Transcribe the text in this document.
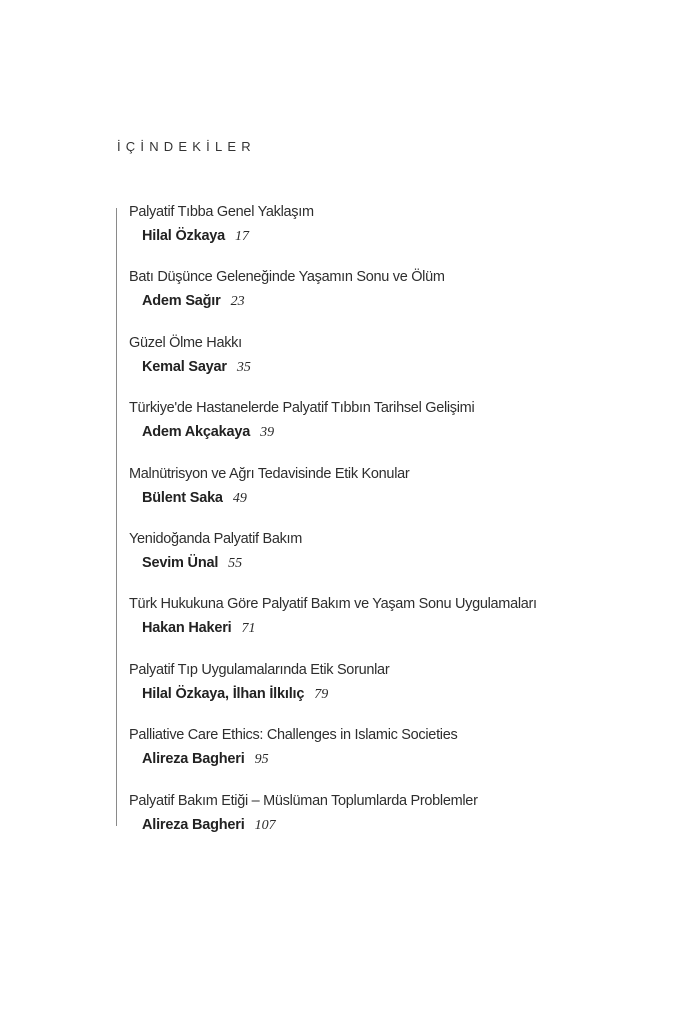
İÇİNDEKİLER
Palyatif Tıbba Genel Yaklaşım
Hilal Özkaya 17
Batı Düşünce Geleneğinde Yaşamın Sonu ve Ölüm
Adem Sağır 23
Güzel Ölme Hakkı
Kemal Sayar 35
Türkiye'de Hastanelerde Palyatif Tıbbın Tarihsel Gelişimi
Adem Akçakaya 39
Malnütrisyon ve Ağrı Tedavisinde Etik Konular
Bülent Saka 49
Yenidoğanda Palyatif Bakım
Sevim Ünal 55
Türk Hukukuna Göre Palyatif Bakım ve Yaşam Sonu Uygulamaları
Hakan Hakeri 71
Palyatif Tıp Uygulamalarında Etik Sorunlar
Hilal Özkaya, İlhan İlkılıç 79
Palliative Care Ethics: Challenges in Islamic Societies
Alireza Bagheri 95
Palyatif Bakım Etiği – Müslüman Toplumlarda Problemler
Alireza Bagheri 107
